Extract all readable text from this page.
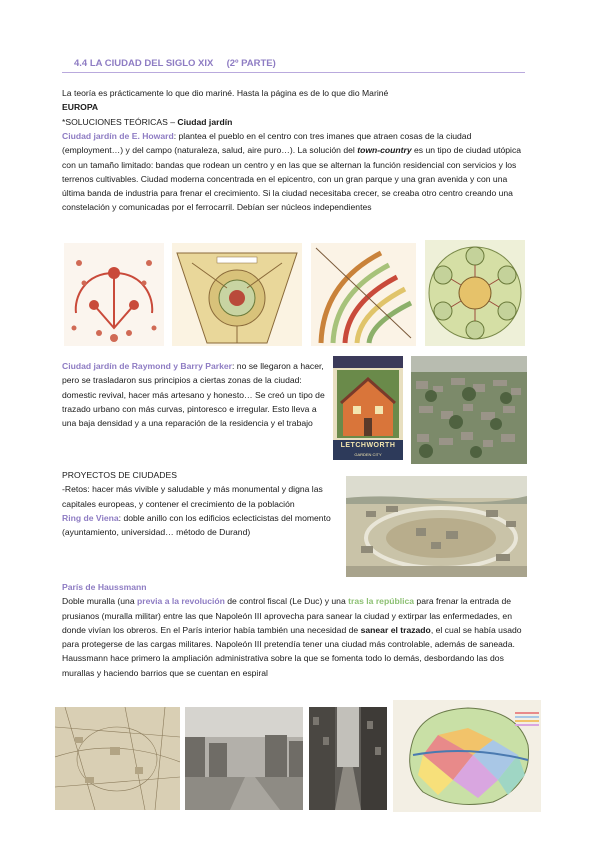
4.4 LA CIUDAD DEL SIGLO XIX (2º PARTE)
La teoría es prácticamente lo que dio mariné. Hasta la página es de lo que dio Mariné
EUROPA
*SOLUCIONES TEÓRICAS – Ciudad jardín
Ciudad jardín de E. Howard: plantea el pueblo en el centro con tres imanes que atraen cosas de la ciudad (employment…) y del campo (naturaleza, salud, aire puro…). La solución del town-country es un tipo de ciudad utópica con un tamaño limitado: bandas que rodean un centro y en las que se alternan la función residencial con servicios y los terrenos cultivables. Ciudad moderna concentrada en el epicentro, con un gran parque y una gran avenida y con una última banda de industria para frenar el crecimiento. Si la ciudad necesitaba crecer, se creaba otro centro creando una constelación y comunicadas por el ferrocarril. Debían ser núcleos independientes
Ciudad jardín de Raymond y Barry Parker: no se llegaron a hacer, pero se trasladaron sus principios a ciertas zonas de la ciudad: domestic revival, hacer más artesano y honesto… Se creó un tipo de trazado urbano con más curvas, pintoresco e irregular. Esto lleva a una baja densidad y a una reparación de la residencia y el trabajo
LETCHWORTH
GARDEN CITY
PROYECTOS DE CIUDADES
-Retos: hacer más vivible y saludable y más monumental y digna las capitales europeas, y contener el crecimiento de la población
Ring de Viena: doble anillo con los edificios eclecticistas del momento (ayuntamiento, universidad… método de Durand)
París de Haussmann
Doble muralla (una previa a la revolución de control fiscal (Le Duc) y una tras la república para frenar la entrada de prusianos (muralla militar) entre las que Napoleón III aprovecha para sanear la ciudad y extirpar las enfermedades, en donde vivían los obreros. En el París interior había también una necesidad de sanear el trazado, el cual se había usado para protegerse de las cargas militares. Napoleón III pretendía tener una ciudad más controlable, además de saneada. Haussmann hace primero la ampliación administrativa sobre la que se fomenta todo lo demás, desbordando las dos murallas y haciendo barrios que se cuentan en espiral
